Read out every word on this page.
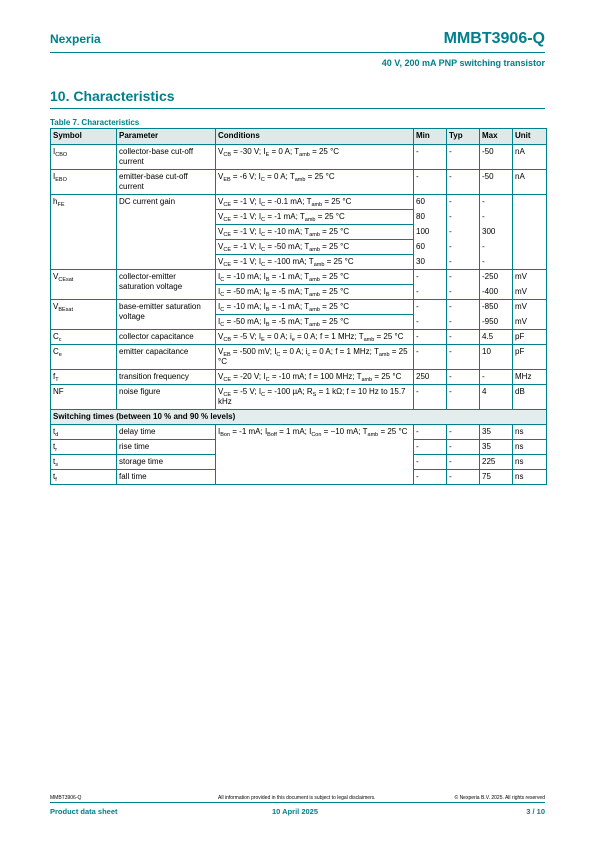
Nexperia	MMBT3906-Q
40 V, 200 mA PNP switching transistor
10. Characteristics
Table 7. Characteristics
Symbol	Parameter	Conditions	Min	Typ	Max	Unit
$I_{CBO}$	collector-base cut-off current	$V_{CB} = -30$ V; $I_E = 0$ A; $T_{amb} = 25$ °C	-	-	-50	nA
$I_{EBO}$	emitter-base cut-off current	$V_{EB} = -6$ V; $I_C = 0$ A; $T_{amb} = 25$ °C	-	-	-50	nA
$h_{FE}$	DC current gain	$V_{CE} = -1$ V; $I_C = -0.1$ mA; $T_{amb} = 25$ °C	60	-	-	
		$V_{CE} = -1$ V; $I_C = -1$ mA; $T_{amb} = 25$ °C	80	-	-	
		$V_{CE} = -1$ V; $I_C = -10$ mA; $T_{amb} = 25$ °C	100	-	300	
		$V_{CE} = -1$ V; $I_C = -50$ mA; $T_{amb} = 25$ °C	60	-	-	
		$V_{CE} = -1$ V; $I_C = -100$ mA; $T_{amb} = 25$ °C	30	-	-	
$V_{CEsat}$	collector-emitter saturation voltage	$I_C = -10$ mA; $I_B = -1$ mA; $T_{amb} = 25$ °C	-	-	-250	mV
		$I_C = -50$ mA; $I_B = -5$ mA; $T_{amb} = 25$ °C	-	-	-400	mV
$V_{BEsat}$	base-emitter saturation voltage	$I_C = -10$ mA; $I_B = -1$ mA; $T_{amb} = 25$ °C	-	-	-850	mV
		$I_C = -50$ mA; $I_B = -5$ mA; $T_{amb} = 25$ °C	-	-	-950	mV
$C_c$	collector capacitance	$V_{CB} = -5$ V; $I_E = 0$ A; $i_e = 0$ A; f = 1 MHz; $T_{amb} = 25$ °C	-	-	4.5	pF
$C_e$	emitter capacitance	$V_{EB} = -500$ mV; $I_C = 0$ A; $i_c = 0$ A; f = 1 MHz; $T_{amb} = 25$ °C	-	-	10	pF
$f_T$	transition frequency	$V_{CE} = -20$ V; $I_C = -10$ mA; f = 100 MHz; $T_{amb} = 25$ °C	250	-	-	MHz
NF	noise figure	$V_{CE} = -5$ V; $I_C = -100$ µA; $R_S = 1$ kΩ; f = 10 Hz to 15.7 kHz	-	-	4	dB
Switching times (between 10 % and 90 % levels)						
$t_d$	delay time	$I_{Bon} = -1$ mA; $I_{Boff} = 1$ mA; $I_{Con} = -10$ mA; $T_{amb} = 25$ °C	-	-	35	ns
$t_r$	rise time		-	-	35	ns
$t_s$	storage time		-	-	225	ns
$t_f$	fall time		-	-	75	ns
MMBT3906-Q	All information provided in this document is subject to legal disclaimers.	© Nexperia B.V. 2025. All rights reserved
Product data sheet	10 April 2025	3 / 10
